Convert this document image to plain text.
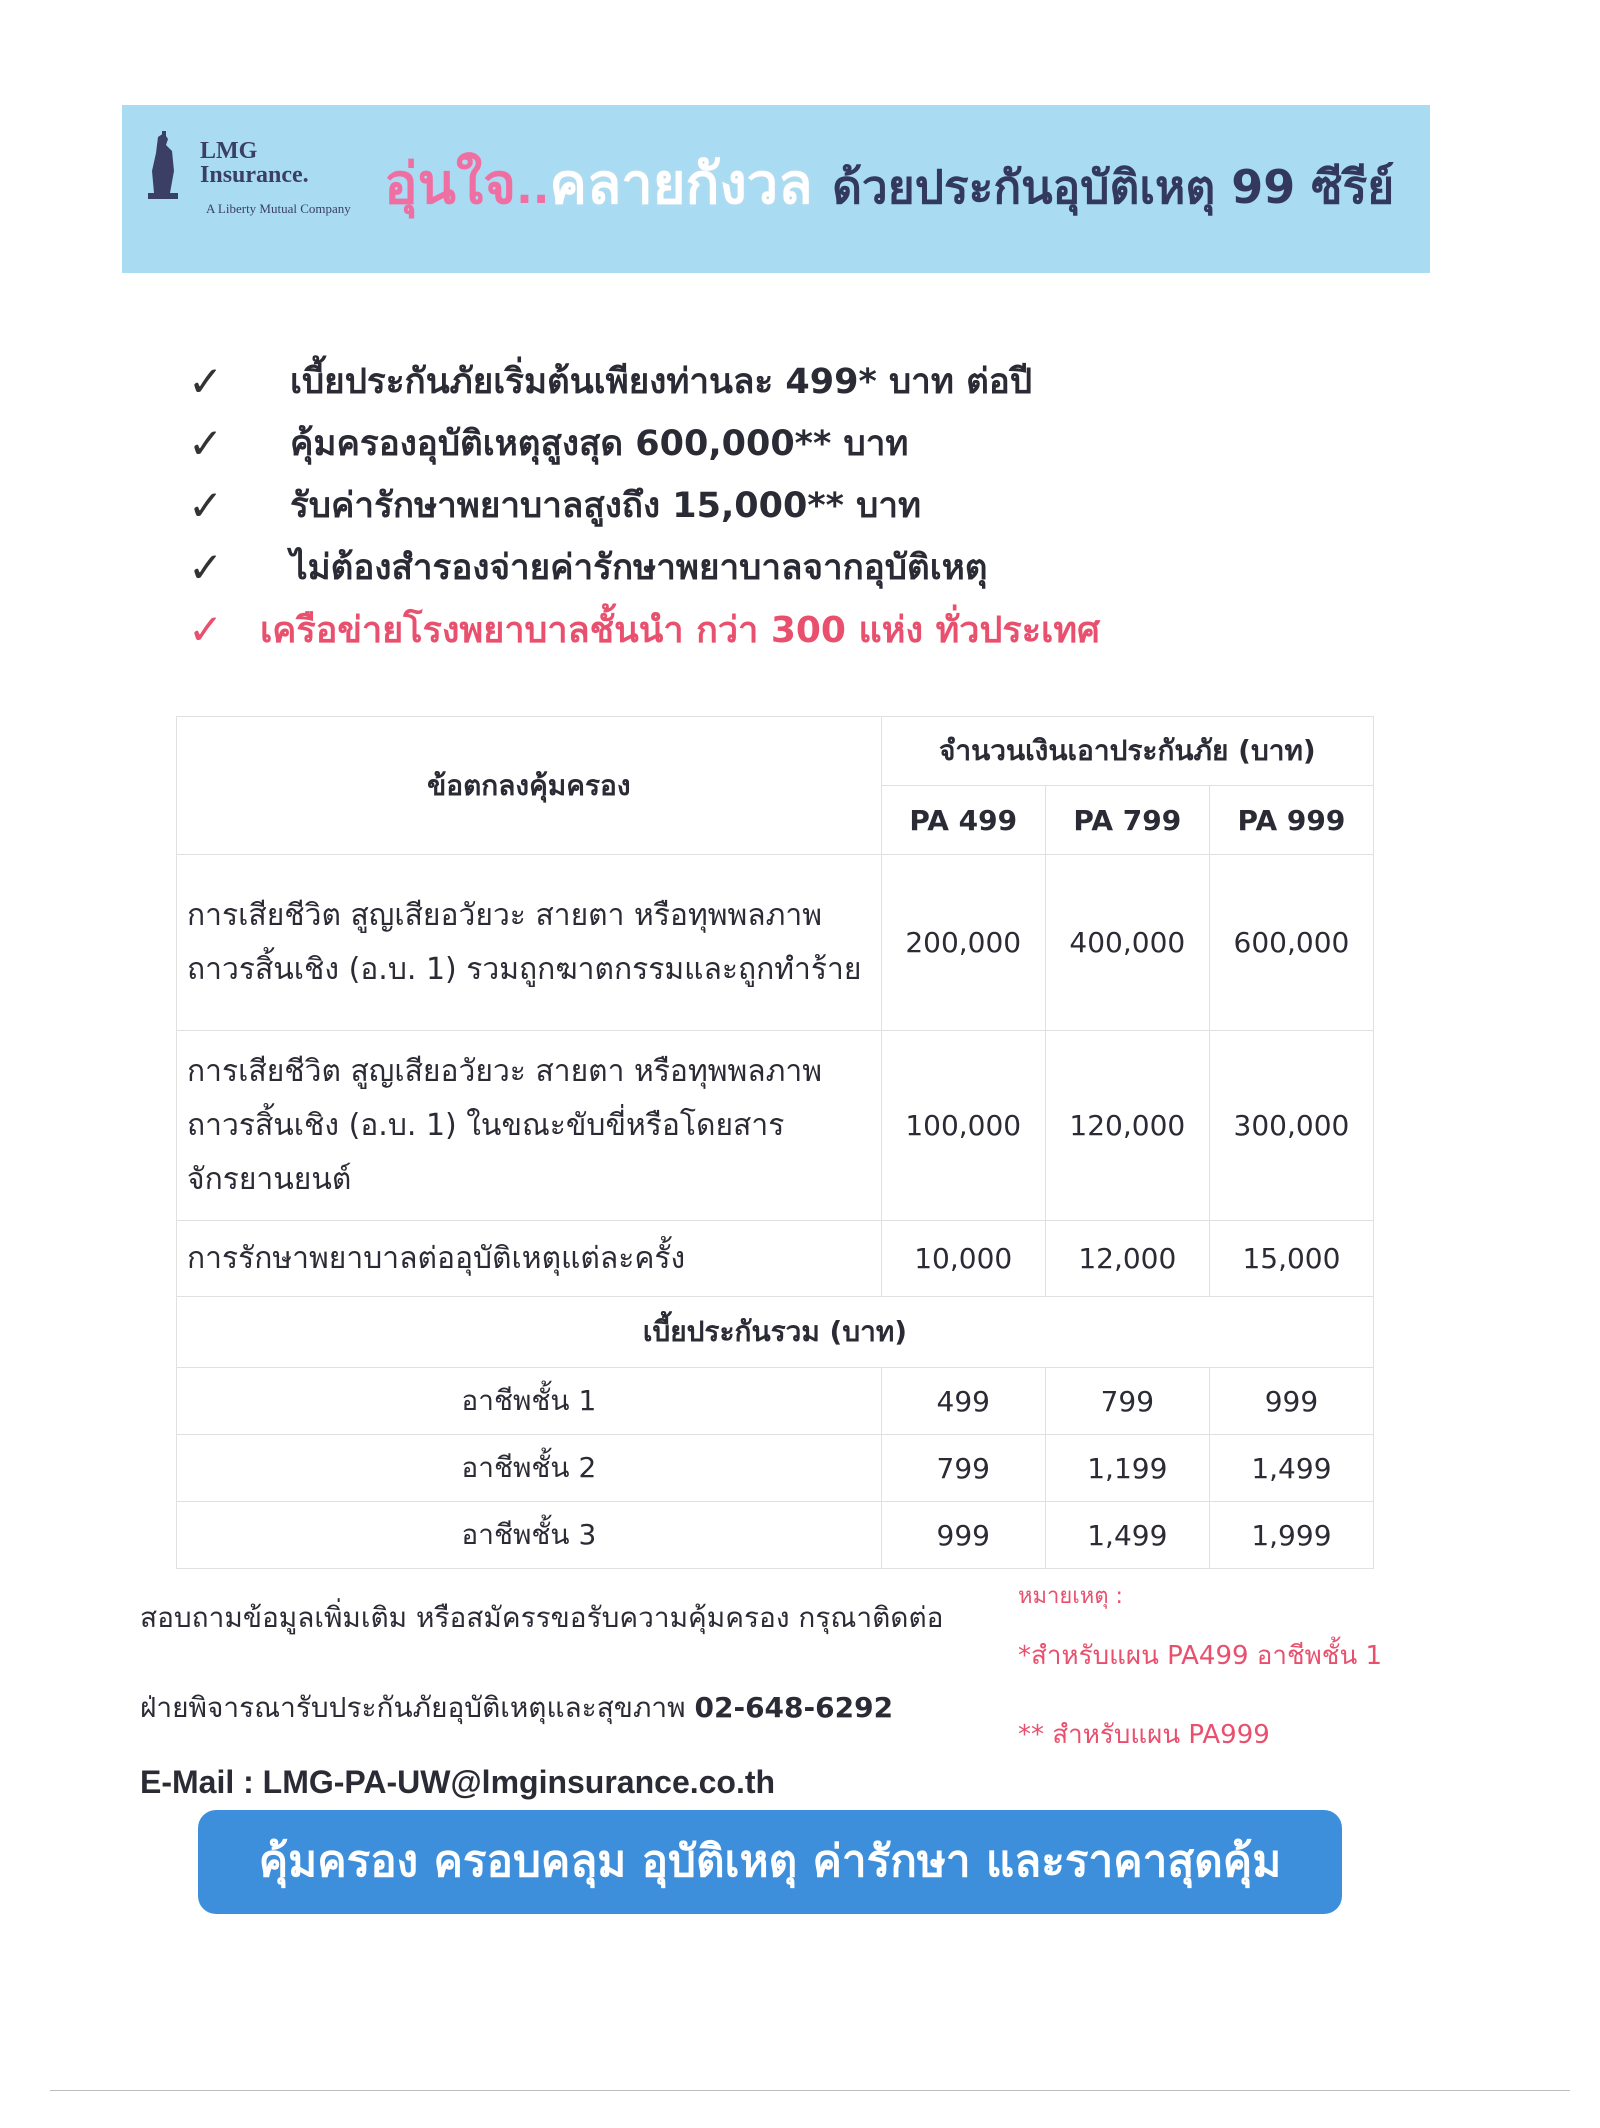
LMG
Insurance.
A Liberty Mutual Company อุ่นใจ..คลายกังวล ด้วยประกันอุบัติเหตุ 99 ซีรีย์
✓	เบี้ยประกันภัยเริ่มต้นเพียงท่านละ 499* บาท ต่อปี
✓	คุ้มครองอุบัติเหตุสูงสุด 600,000** บาท
✓	รับค่ารักษาพยาบาลสูงถึง 15,000** บาท
✓	ไม่ต้องสำรองจ่ายค่ารักษาพยาบาลจากอุบัติเหตุ
✓	เครือข่ายโรงพยาบาลชั้นนำ กว่า 300 แห่ง ทั่วประเทศ
ข้อตกลงคุ้มครอง	จำนวนเงินเอาประกันภัย (บาท)		
	PA 499	PA 799	PA 999

การเสียชีวิต สูญเสียอวัยวะ สายตา หรือทุพพลภาพ
ถาวรสิ้นเชิง (อ.บ. 1) รวมถูกฆาตกรรมและถูกทำร้าย	200,000	400,000	600,000

การเสียชีวิต สูญเสียอวัยวะ สายตา หรือทุพพลภาพ
ถาวรสิ้นเชิง (อ.บ. 1) ในขณะขับขี่หรือโดยสาร
จักรยานยนต์	100,000	120,000	300,000

การรักษาพยาบาลต่ออุบัติเหตุแต่ละครั้ง	10,000	12,000	15,000
เบี้ยประกันรวม (บาท)			
อาชีพชั้น 1	499	799	999
อาชีพชั้น 2	799	1,199	1,499
อาชีพชั้น 3	999	1,499	1,999
สอบถามข้อมูลเพิ่มเติม หรือสมัครรขอรับความคุ้มครอง กรุณาติดต่อ
ฝ่ายพิจารณารับประกันภัยอุบัติเหตุและสุขภาพ 02-648-6292
E-Mail : LMG-PA-UW@lmginsurance.co.th
หมายเหตุ :
*สำหรับแผน PA499 อาชีพชั้น 1
** สำหรับแผน PA999
คุ้มครอง ครอบคลุม อุบัติเหตุ ค่ารักษา และราคาสุดคุ้ม
